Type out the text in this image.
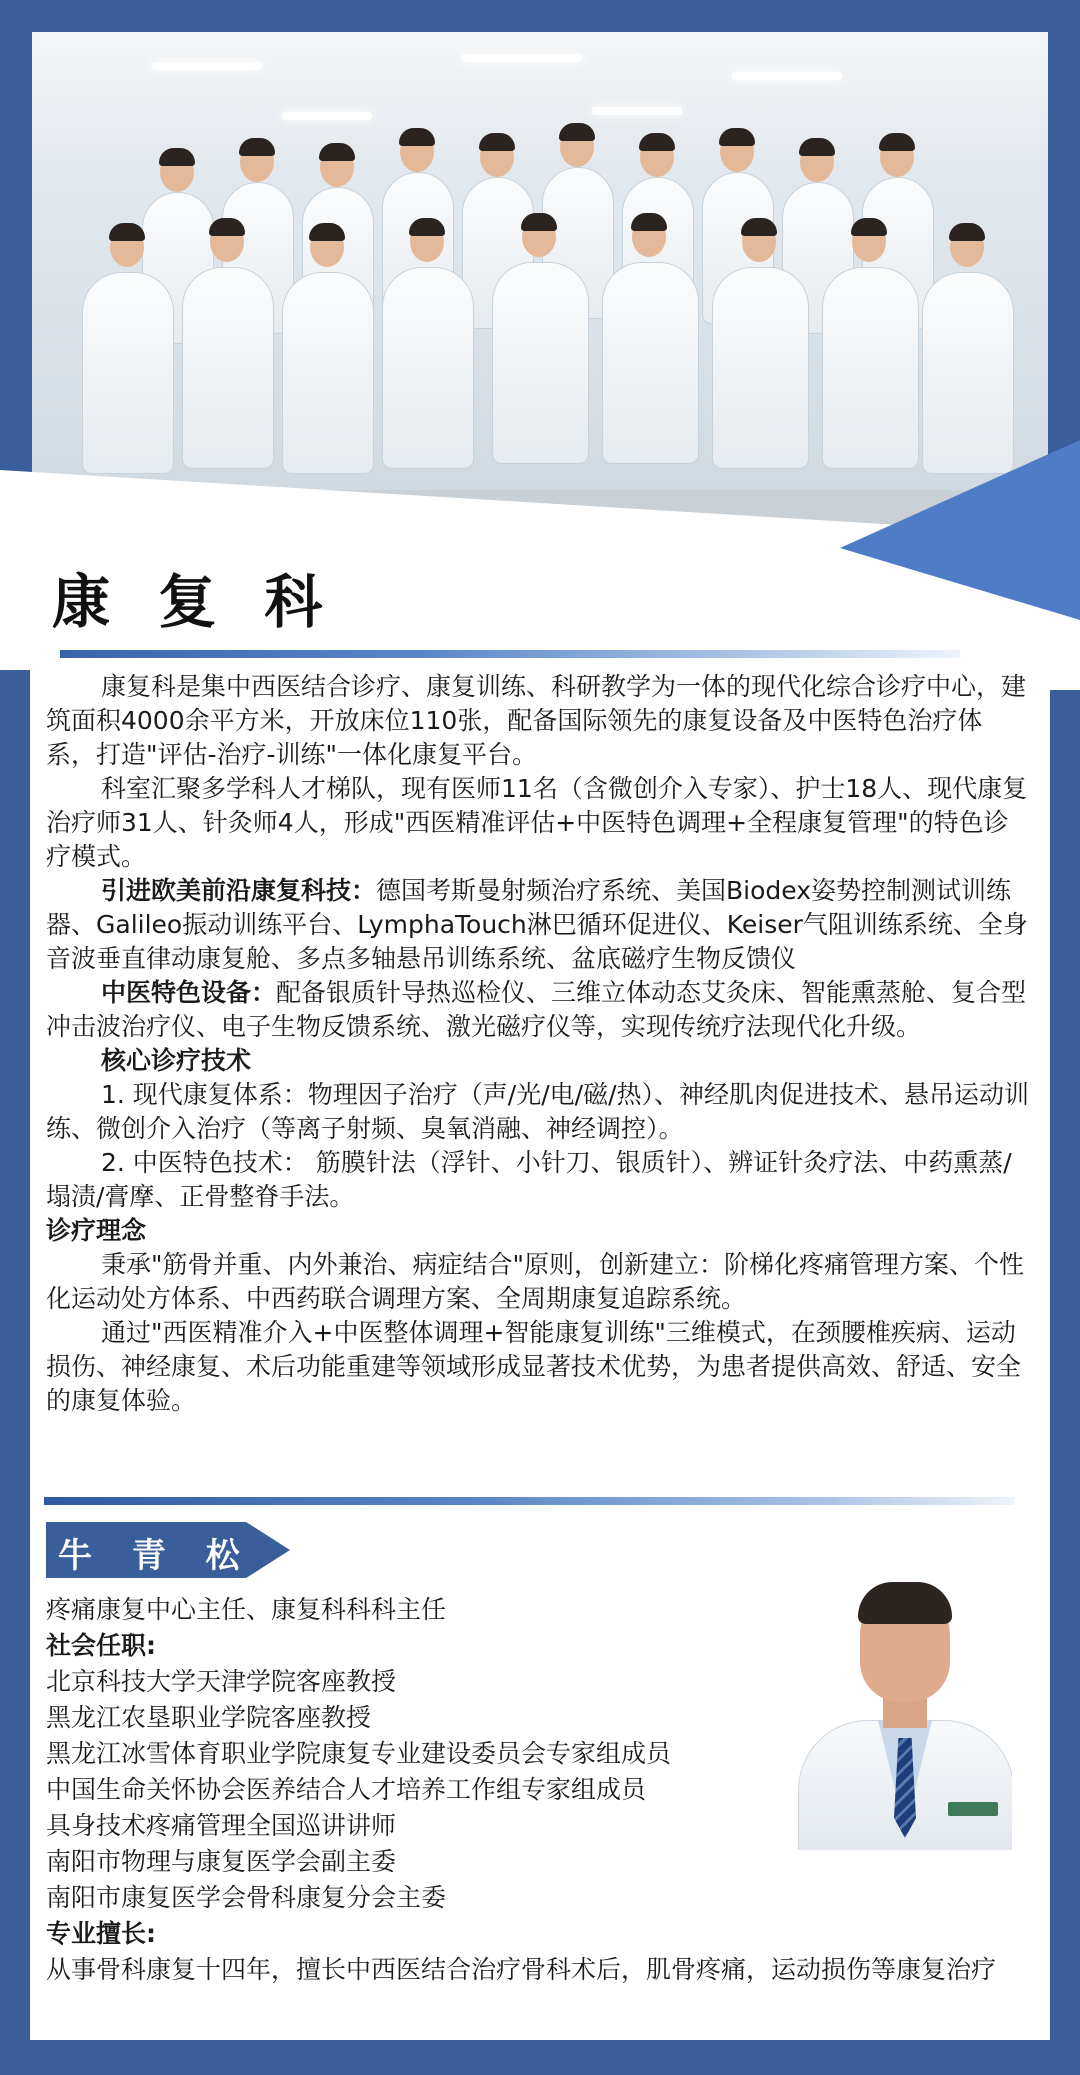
康 复 科

康复科是集中西医结合诊疗、康复训练、科研教学为一体的现代化综合诊疗中心，建筑面积4000余平方米，开放床位110张，配备国际领先的康复设备及中医特色治疗体系，打造"评估-治疗-训练"一体化康复平台。

科室汇聚多学科人才梯队，现有医师11名（含微创介入专家）、护士18人、现代康复治疗师31人、针灸师4人，形成"西医精准评估+中医特色调理+全程康复管理"的特色诊疗模式。

引进欧美前沿康复科技：德国考斯曼射频治疗系统、美国Biodex姿势控制测试训练器、Galileo振动训练平台、LymphaTouch淋巴循环促进仪、Keiser气阻训练系统、全身音波垂直律动康复舱、多点多轴悬吊训练系统、盆底磁疗生物反馈仪

中医特色设备：配备银质针导热巡检仪、三维立体动态艾灸床、智能熏蒸舱、复合型冲击波治疗仪、电子生物反馈系统、激光磁疗仪等，实现传统疗法现代化升级。

核心诊疗技术

1. 现代康复体系：物理因子治疗（声/光/电/磁/热）、神经肌肉促进技术、悬吊运动训练、微创介入治疗（等离子射频、臭氧消融、神经调控）。

2. 中医特色技术： 筋膜针法（浮针、小针刀、银质针）、辨证针灸疗法、中药熏蒸/塌渍/膏摩、正骨整脊手法。

诊疗理念

秉承"筋骨并重、内外兼治、病症结合"原则，创新建立：阶梯化疼痛管理方案、个性化运动处方体系、中西药联合调理方案、全周期康复追踪系统。

通过"西医精准介入+中医整体调理+智能康复训练"三维模式，在颈腰椎疾病、运动损伤、神经康复、术后功能重建等领域形成显著技术优势，为患者提供高效、舒适、安全的康复体验。

牛 青 松

疼痛康复中心主任、康复科科科主任

社会任职:

北京科技大学天津学院客座教授

黑龙江农垦职业学院客座教授

黑龙江冰雪体育职业学院康复专业建设委员会专家组成员

中国生命关怀协会医养结合人才培养工作组专家组成员

具身技术疼痛管理全国巡讲讲师

南阳市物理与康复医学会副主委

南阳市康复医学会骨科康复分会主委

专业擅长:

从事骨科康复十四年，擅长中西医结合治疗骨科术后，肌骨疼痛，运动损伤等康复治疗
